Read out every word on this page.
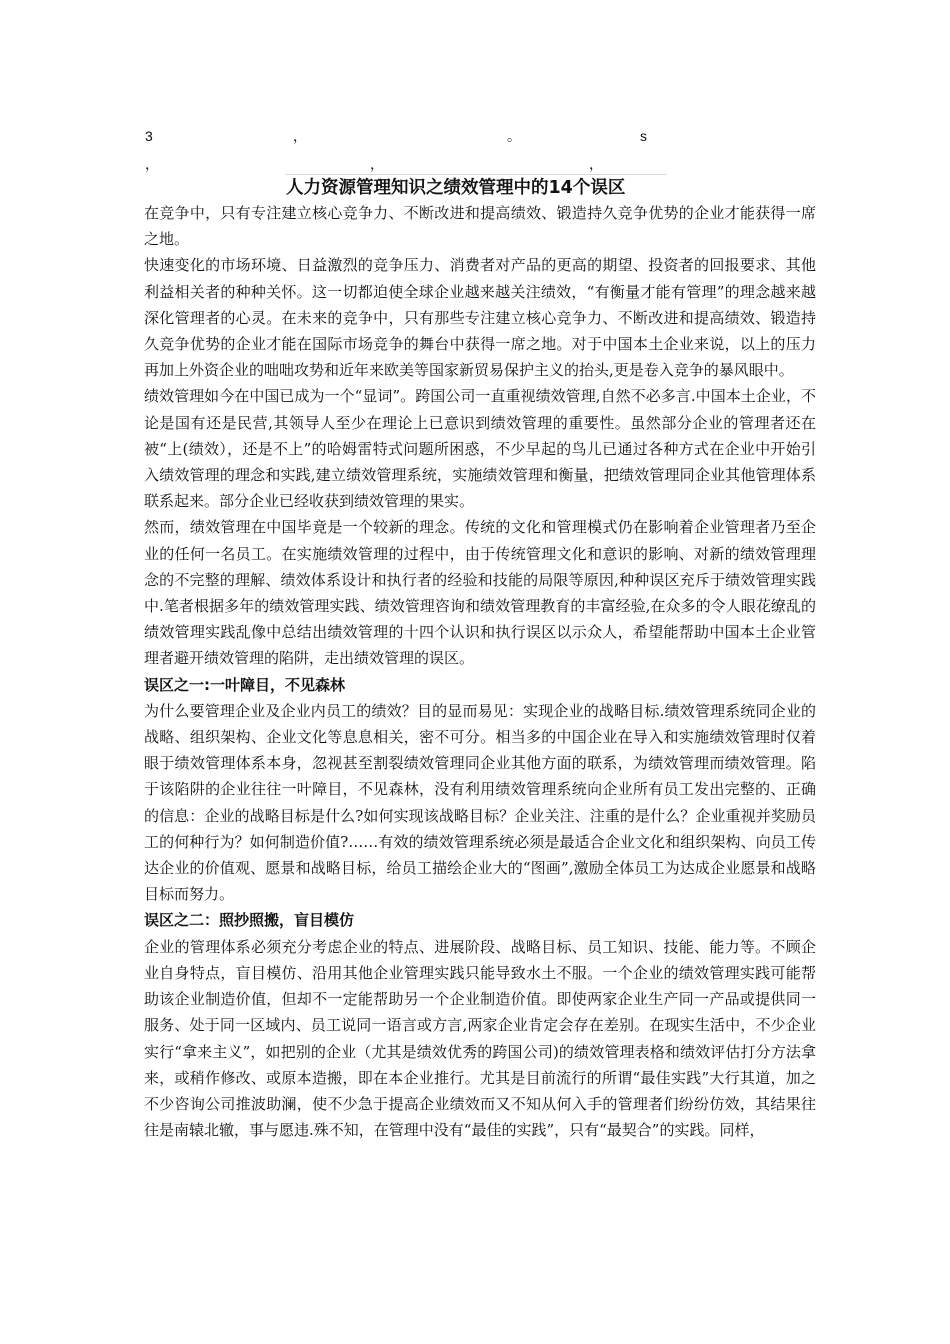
3	，	。	s
，	，	，
人力资源管理知识之绩效管理中的14个误区

在竞争中，只有专注建立核心竞争力、不断改进和提高绩效、锻造持久竞争优势的企业才能获得一席之地。

快速变化的市场环境、日益激烈的竞争压力、消费者对产品的更高的期望、投资者的回报要求、其他利益相关者的种种关怀。这一切都迫使全球企业越来越关注绩效，“有衡量才能有管理”的理念越来越深化管理者的心灵。在未来的竞争中，只有那些专注建立核心竞争力、不断改进和提高绩效、锻造持久竞争优势的企业才能在国际市场竞争的舞台中获得一席之地。对于中国本土企业来说，以上的压力再加上外资企业的咄咄攻势和近年来欧美等国家新贸易保护主义的抬头,更是卷入竞争的暴风眼中。

绩效管理如今在中国已成为一个“显词”。跨国公司一直重视绩效管理,自然不必多言.中国本土企业，不论是国有还是民营,其领导人至少在理论上已意识到绩效管理的重要性。虽然部分企业的管理者还在被“上(绩效），还是不上”的哈姆雷特式问题所困惑，不少早起的鸟儿已通过各种方式在企业中开始引入绩效管理的理念和实践,建立绩效管理系统，实施绩效管理和衡量，把绩效管理同企业其他管理体系联系起来。部分企业已经收获到绩效管理的果实。

然而，绩效管理在中国毕竟是一个较新的理念。传统的文化和管理模式仍在影响着企业管理者乃至企业的任何一名员工。在实施绩效管理的过程中，由于传统管理文化和意识的影响、对新的绩效管理理念的不完整的理解、绩效体系设计和执行者的经验和技能的局限等原因,种种误区充斥于绩效管理实践中.笔者根据多年的绩效管理实践、绩效管理咨询和绩效管理教育的丰富经验,在众多的令人眼花缭乱的绩效管理实践乱像中总结出绩效管理的十四个认识和执行误区以示众人，希望能帮助中国本土企业管理者避开绩效管理的陷阱，走出绩效管理的误区。

误区之一:一叶障目，不见森林

为什么要管理企业及企业内员工的绩效？目的显而易见：实现企业的战略目标.绩效管理系统同企业的战略、组织架构、企业文化等息息相关，密不可分。相当多的中国企业在导入和实施绩效管理时仅着眼于绩效管理体系本身，忽视甚至割裂绩效管理同企业其他方面的联系，为绩效管理而绩效管理。陷于该陷阱的企业往往一叶障目，不见森林，没有利用绩效管理系统向企业所有员工发出完整的、正确的信息：企业的战略目标是什么?如何实现该战略目标？企业关注、注重的是什么？企业重视并奖励员工的何种行为？如何制造价值?……有效的绩效管理系统必须是最适合企业文化和组织架构、向员工传达企业的价值观、愿景和战略目标，给员工描绘企业大的“图画”,激励全体员工为达成企业愿景和战略目标而努力。

误区之二：照抄照搬，盲目模仿

企业的管理体系必须充分考虑企业的特点、进展阶段、战略目标、员工知识、技能、能力等。不顾企业自身特点，盲目模仿、沿用其他企业管理实践只能导致水土不服。一个企业的绩效管理实践可能帮助该企业制造价值，但却不一定能帮助另一个企业制造价值。即使两家企业生产同一产品或提供同一服务、处于同一区域内、员工说同一语言或方言,两家企业肯定会存在差别。在现实生活中，不少企业实行“拿来主义”，如把别的企业（尤其是绩效优秀的跨国公司)的绩效管理表格和绩效评估打分方法拿来，或稍作修改、或原本造搬，即在本企业推行。尤其是目前流行的所谓“最佳实践”大行其道，加之不少咨询公司推波助澜，使不少急于提高企业绩效而又不知从何入手的管理者们纷纷仿效，其结果往往是南辕北辙，事与愿违.殊不知，在管理中没有“最佳的实践”，只有“最契合”的实践。同样，
